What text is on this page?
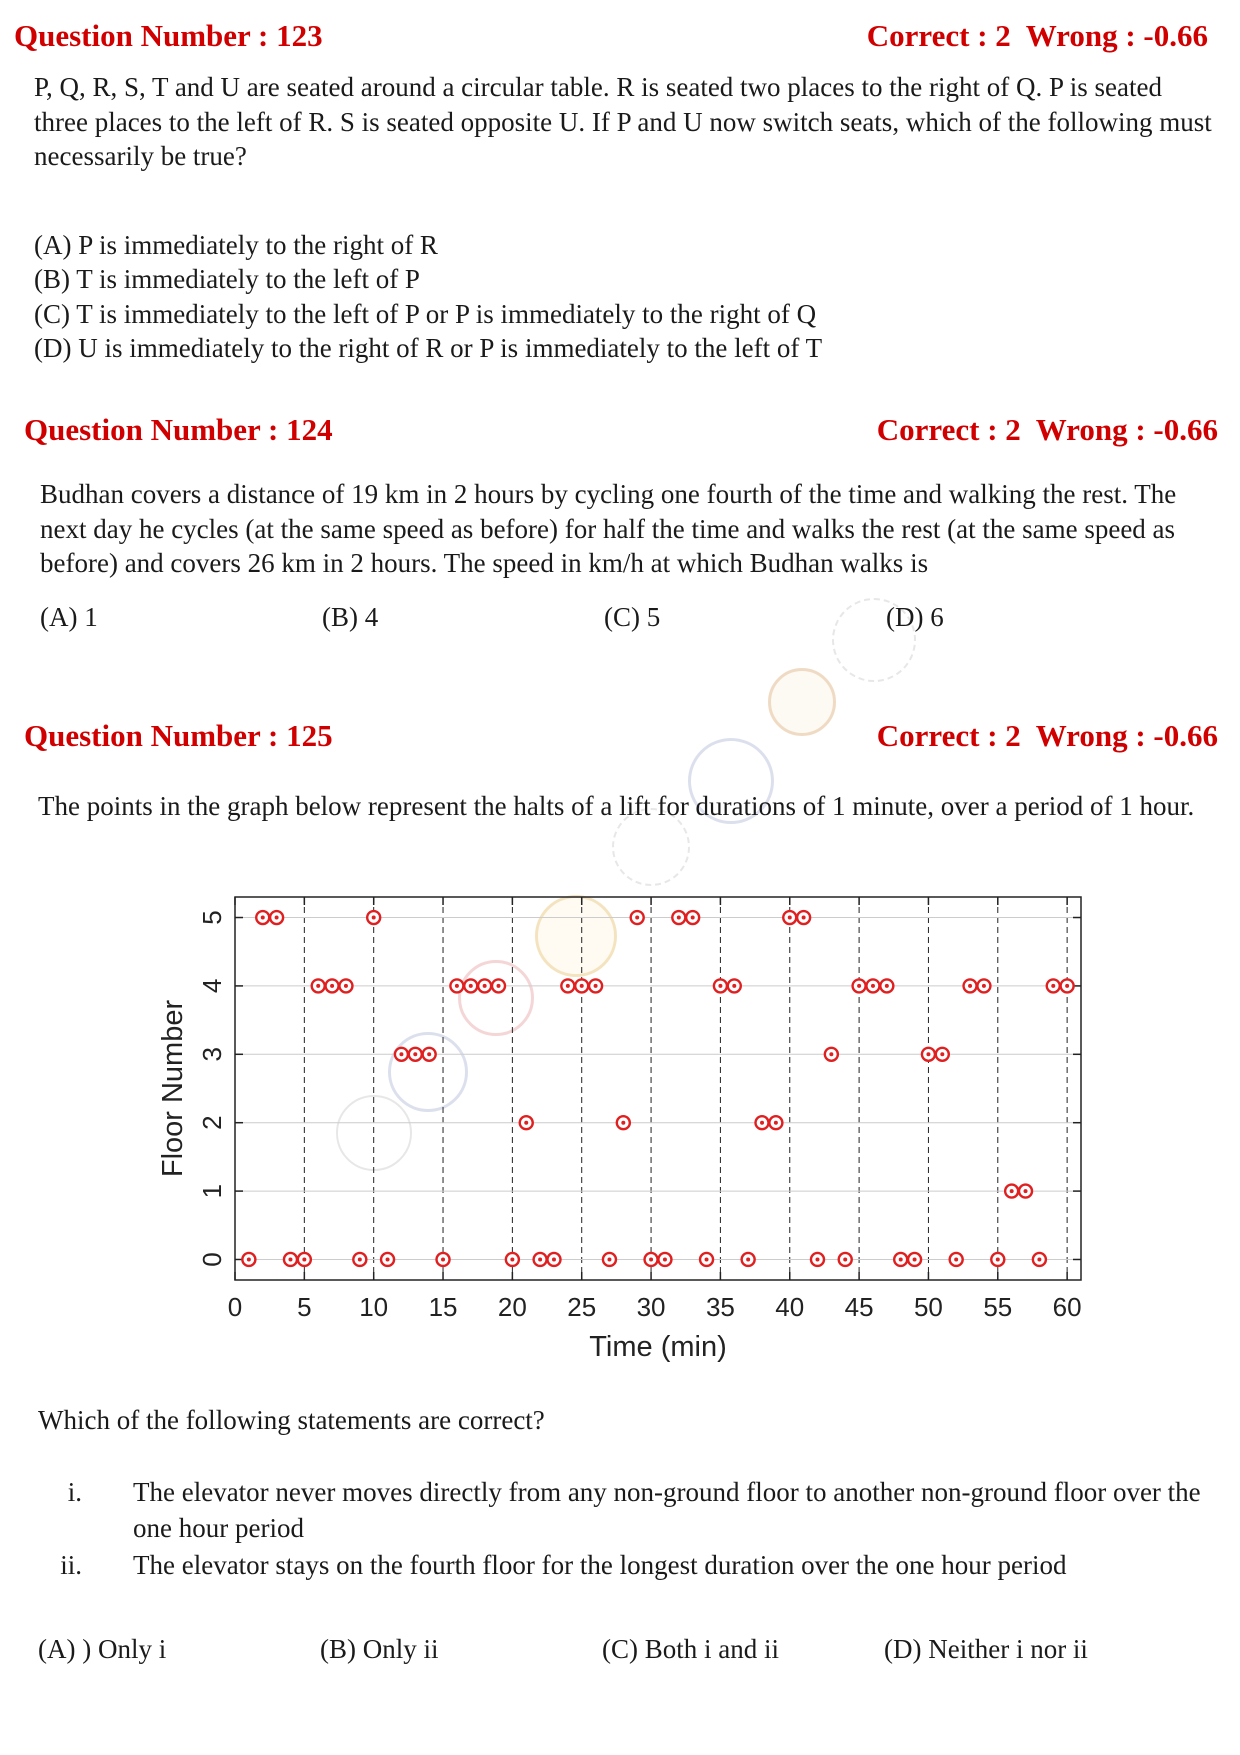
Question Number : 123	Correct : 2  Wrong : -0.66
P, Q, R, S, T and U are seated around a circular table. R is seated two places to the right of Q. P is seated three places to the left of R. S is seated opposite U. If P and U now switch seats, which of the following must necessarily be true?
(A) P is immediately to the right of R
(B) T is immediately to the left of P
(C) T is immediately to the left of P or P is immediately to the right of Q
(D) U is immediately to the right of R or P is immediately to the left of T
Question Number : 124	Correct : 2  Wrong : -0.66
Budhan covers a distance of 19 km in 2 hours by cycling one fourth of the time and walking the rest. The next day he cycles (at the same speed as before) for half the time and walks the rest (at the same speed as before) and covers 26 km in 2 hours. The speed in km/h at which Budhan walks is
(A) 1	(B) 4	(C) 5	(D) 6
Question Number : 125	Correct : 2  Wrong : -0.66
The points in the graph below represent the halts of a lift for durations of 1 minute, over a period of 1 hour.
0 5 10 15 20 25 30 35 40 45 50 55 60
0
1
2
3
4
5
Time (min)
Floor Number
Which of the following statements are correct?
i. The elevator never moves directly from any non-ground floor to another non-ground floor over the one hour period
ii. The elevator stays on the fourth floor for the longest duration over the one hour period
(A) ) Only i	(B) Only ii	(C) Both i and ii	(D) Neither i nor ii
